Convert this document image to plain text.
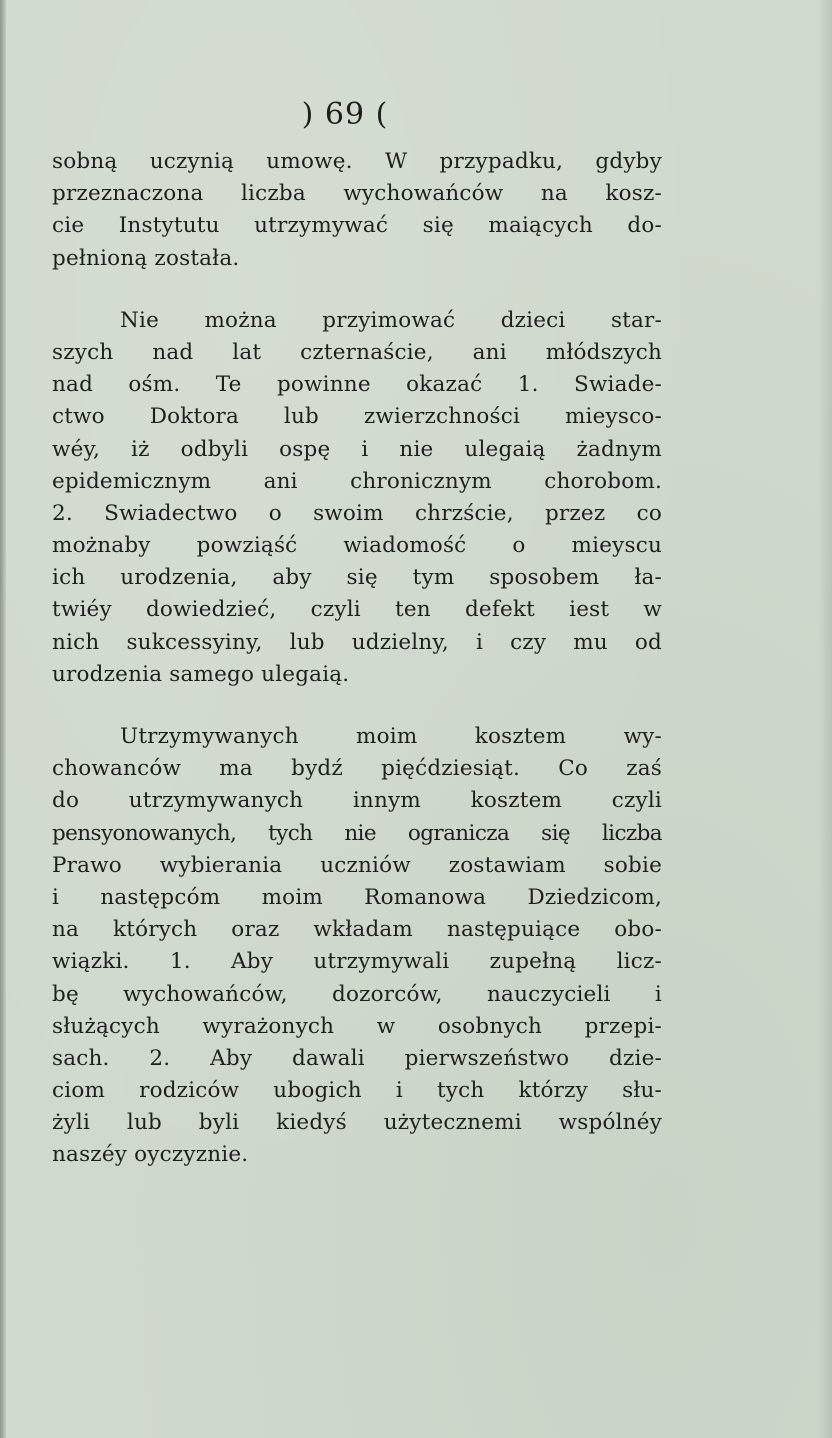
) 69 (
sobną uczynią umowę. W przypadku, gdyby
przeznaczona liczba wychowańców na kosz-
cie Instytutu utrzymywać się maiących do-
pełnioną została.
Nie można przyimować dzieci star-
szych nad lat czternaście, ani młódszych
nad ośm. Te powinne okazać 1. Swiade-
ctwo Doktora lub zwierzchności mieysco-
wéy, iż odbyli ospę i nie ulegaią żadnym
epidemicznym ani chronicznym chorobom.
2. Swiadectwo o swoim chrzście, przez co
możnaby powziąść wiadomość o mieyscu
ich urodzenia, aby się tym sposobem ła-
twiéy dowiedzieć, czyli ten defekt iest w
nich sukcessyiny, lub udzielny, i czy mu od
urodzenia samego ulegaią.
Utrzymywanych moim kosztem wy-
chowanców ma bydź pięćdziesiąt. Co zaś
do utrzymywanych innym kosztem czyli
pensyonowanych, tych nie ogranicza się liczba
Prawo wybierania uczniów zostawiam sobie
i następcóm moim Romanowa Dziedzicom,
na których oraz wkładam następuiące obo-
wiązki. 1. Aby utrzymywali zupełną licz-
bę wychowańców, dozorców, nauczycieli i
służących wyrażonych w osobnych przepi-
sach. 2. Aby dawali pierwszeństwo dzie-
ciom rodziców ubogich i tych którzy słu-
żyli lub byli kiedyś użytecznemi wspólnéy
naszéy oyczyznie.
